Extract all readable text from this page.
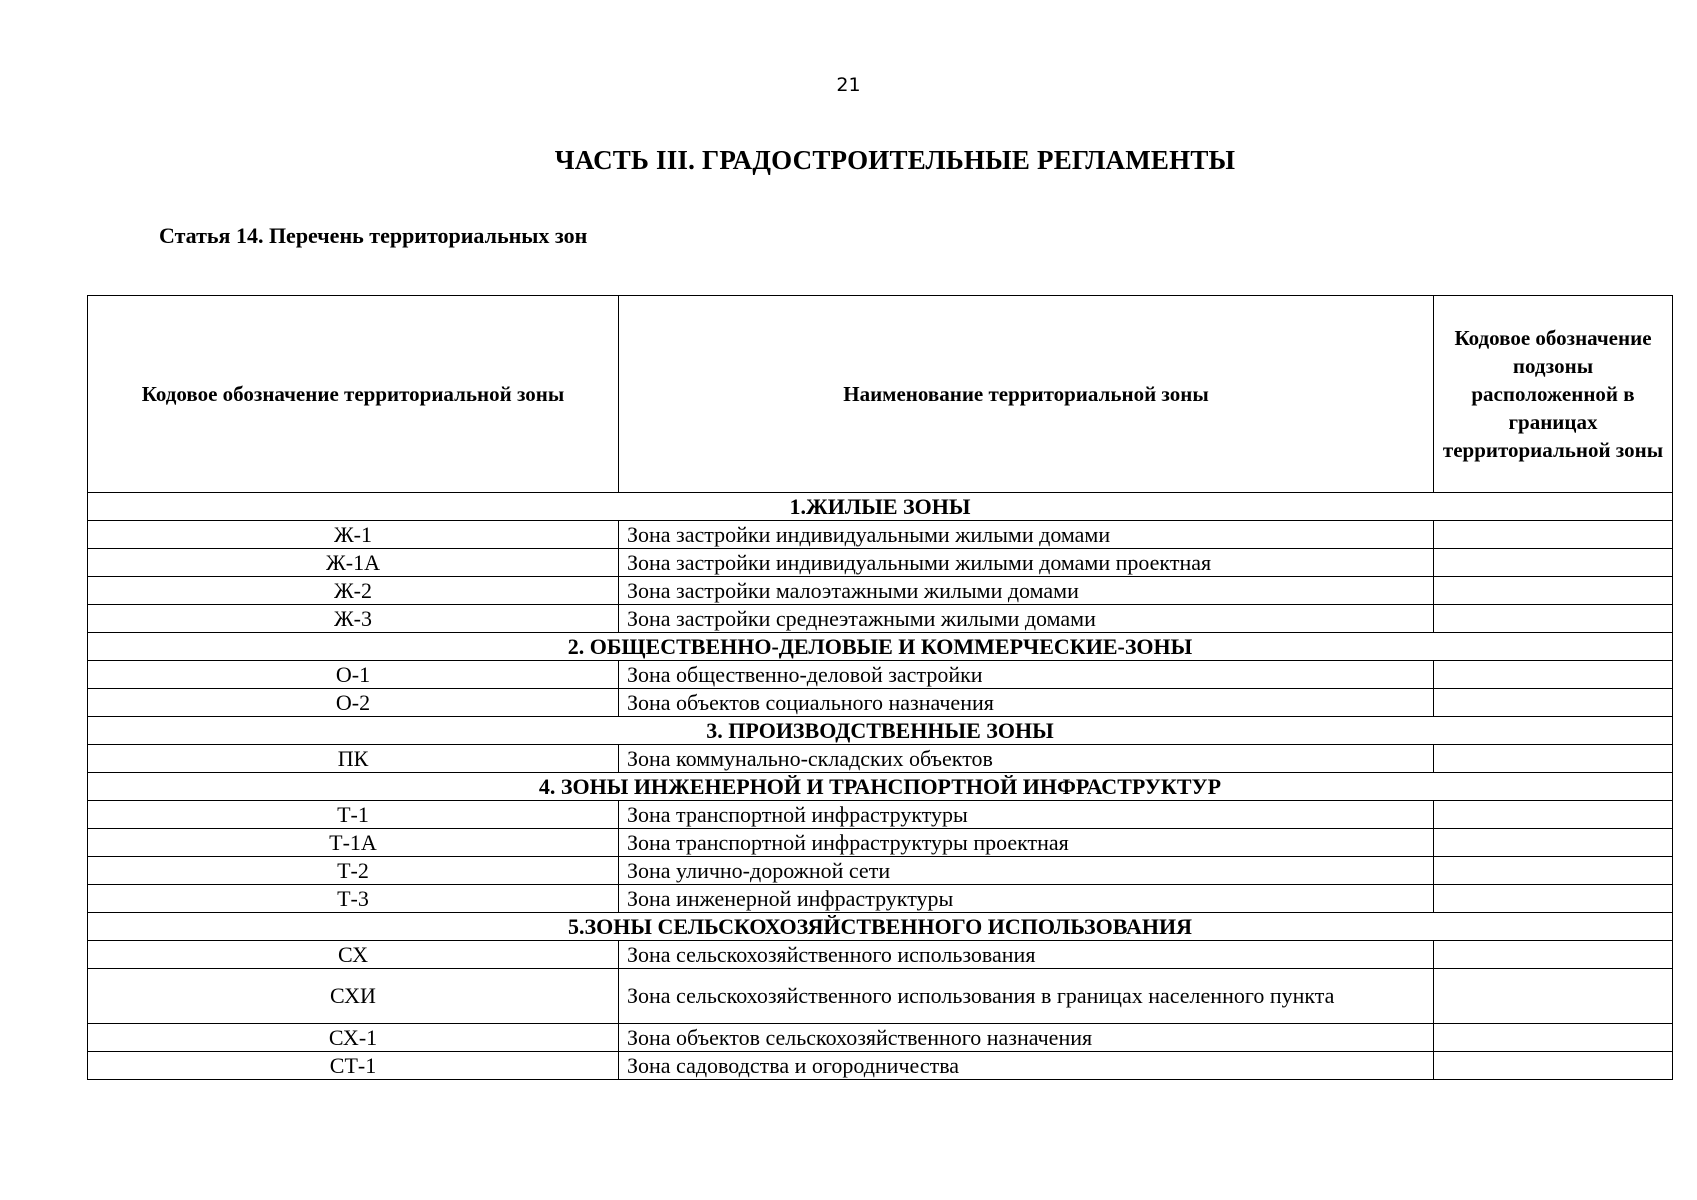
21
ЧАСТЬ III. ГРАДОСТРОИТЕЛЬНЫЕ РЕГЛАМЕНТЫ
Статья 14. Перечень территориальных зон
Кодовое обозначение территориальной зоны	Наименование территориальной зоны	Кодовое обозначение подзоны расположенной в границах территориальной зоны
1.ЖИЛЫЕ ЗОНЫ		
Ж-1	Зона застройки индивидуальными жилыми домами	
Ж-1А	Зона застройки индивидуальными жилыми домами проектная	
Ж-2	Зона застройки малоэтажными жилыми домами	
Ж-3	Зона застройки среднеэтажными жилыми домами	
2. ОБЩЕСТВЕННО-ДЕЛОВЫЕ И КОММЕРЧЕСКИЕ-ЗОНЫ		
О-1	Зона общественно-деловой застройки	
О-2	Зона объектов социального назначения	
3. ПРОИЗВОДСТВЕННЫЕ ЗОНЫ		
ПК	Зона коммунально-складских объектов	
4. ЗОНЫ ИНЖЕНЕРНОЙ И ТРАНСПОРТНОЙ ИНФРАСТРУКТУР		
Т-1	Зона транспортной инфраструктуры	
Т-1А	Зона транспортной инфраструктуры проектная	
Т-2	Зона улично-дорожной сети	
Т-3	Зона инженерной инфраструктуры	
5.ЗОНЫ СЕЛЬСКОХОЗЯЙСТВЕННОГО ИСПОЛЬЗОВАНИЯ		
СХ	Зона сельскохозяйственного использования	
СХИ	Зона сельскохозяйственного использования в границах населенного пункта	
СХ-1	Зона объектов сельскохозяйственного назначения	
СТ-1	Зона садоводства и огородничества	
